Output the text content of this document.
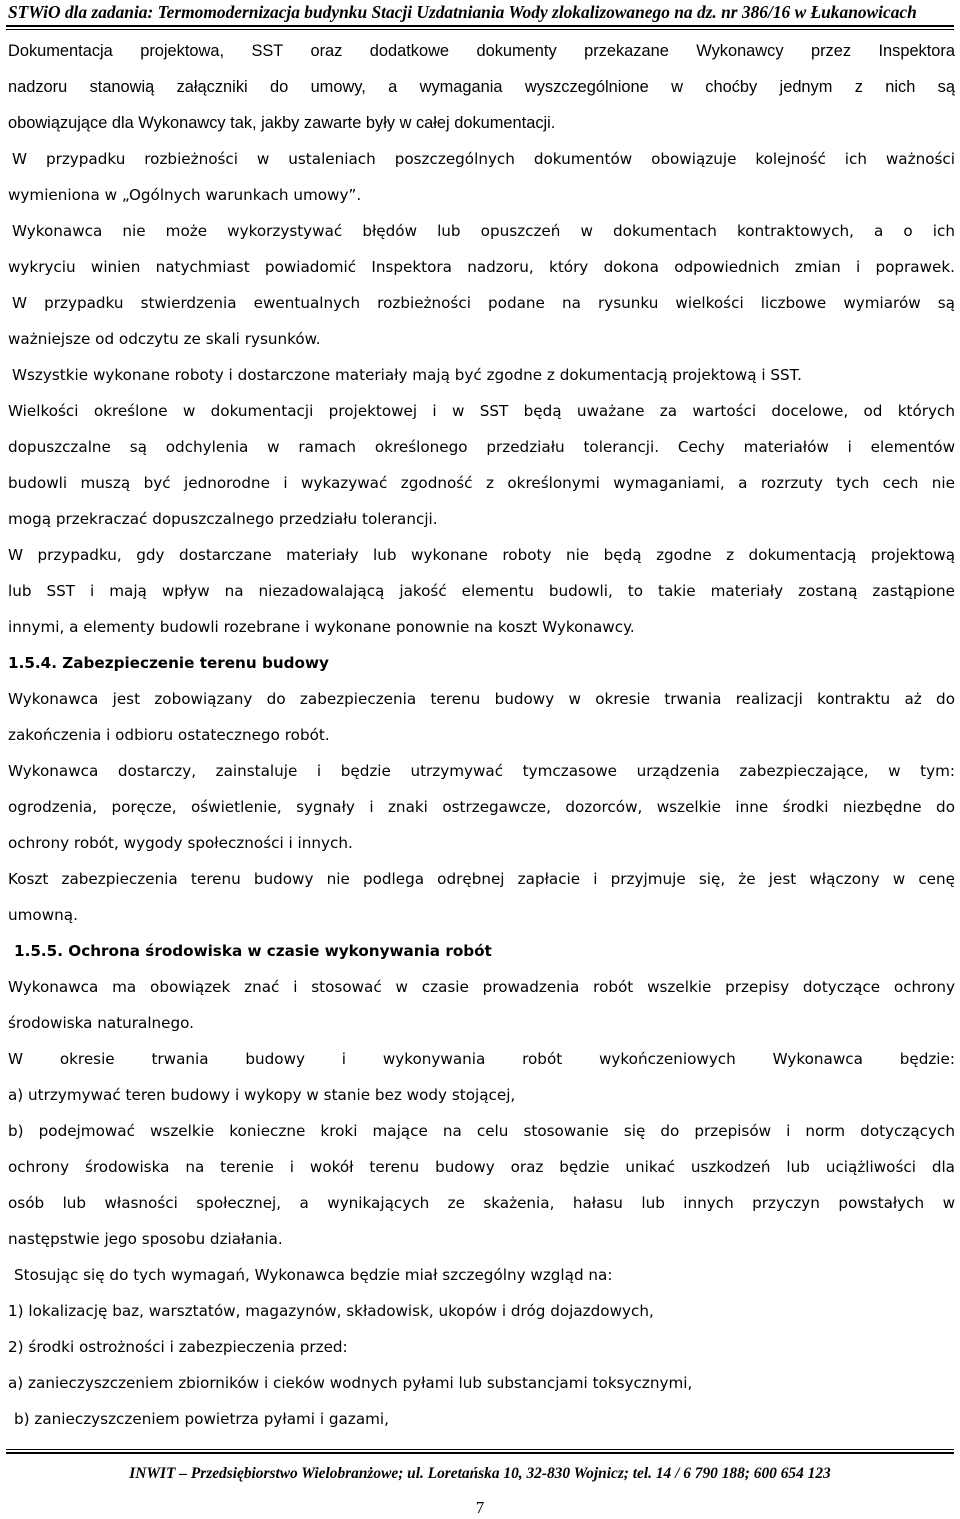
STWiO dla zadania: Termomodernizacja budynku Stacji Uzdatniania Wody zlokalizowanego na dz. nr 386/16 w Łukanowicach
Dokumentacja projektowa, SST oraz dodatkowe dokumenty przekazane Wykonawcy przez Inspektora
nadzoru stanowią załączniki do umowy, a wymagania wyszczególnione w choćby jednym z nich są
obowiązujące dla Wykonawcy tak, jakby zawarte były w całej dokumentacji.
W przypadku rozbieżności w ustaleniach poszczególnych dokumentów obowiązuje kolejność ich ważności
wymieniona w „Ogólnych warunkach umowy”.
Wykonawca nie może wykorzystywać błędów lub opuszczeń w dokumentach kontraktowych, a o ich
wykryciu winien natychmiast powiadomić Inspektora nadzoru, który dokona odpowiednich zmian i poprawek.
W przypadku stwierdzenia ewentualnych rozbieżności podane na rysunku wielkości liczbowe wymiarów są
ważniejsze od odczytu ze skali rysunków.
Wszystkie wykonane roboty i dostarczone materiały mają być zgodne z dokumentacją projektową i SST.
Wielkości określone w dokumentacji projektowej i w SST będą uważane za wartości docelowe, od których
dopuszczalne są odchylenia w ramach określonego przedziału tolerancji. Cechy materiałów i elementów
budowli muszą być jednorodne i wykazywać zgodność z określonymi wymaganiami, a rozrzuty tych cech nie
mogą przekraczać dopuszczalnego przedziału tolerancji.
W przypadku, gdy dostarczane materiały lub wykonane roboty nie będą zgodne z dokumentacją projektową
lub SST i mają wpływ na niezadowalającą jakość elementu budowli, to takie materiały zostaną zastąpione
innymi, a elementy budowli rozebrane i wykonane ponownie na koszt Wykonawcy.
1.5.4. Zabezpieczenie terenu budowy
Wykonawca jest zobowiązany do zabezpieczenia terenu budowy w okresie trwania realizacji kontraktu aż do
zakończenia i odbioru ostatecznego robót.
Wykonawca dostarczy, zainstaluje i będzie utrzymywać tymczasowe urządzenia zabezpieczające, w tym:
ogrodzenia, poręcze, oświetlenie, sygnały i znaki ostrzegawcze, dozorców, wszelkie inne środki niezbędne do
ochrony robót, wygody społeczności i innych.
Koszt zabezpieczenia terenu budowy nie podlega odrębnej zapłacie i przyjmuje się, że jest włączony w cenę
umowną.
1.5.5. Ochrona środowiska w czasie wykonywania robót
Wykonawca ma obowiązek znać i stosować w czasie prowadzenia robót wszelkie przepisy dotyczące ochrony
środowiska naturalnego.
W okresie trwania budowy i wykonywania robót wykończeniowych Wykonawca będzie:
a) utrzymywać teren budowy i wykopy w stanie bez wody stojącej,
b) podejmować wszelkie konieczne kroki mające na celu stosowanie się do przepisów i norm dotyczących
ochrony środowiska na terenie i wokół terenu budowy oraz będzie unikać uszkodzeń lub uciążliwości dla
osób lub własności społecznej, a wynikających ze skażenia, hałasu lub innych przyczyn powstałych w
następstwie jego sposobu działania.
Stosując się do tych wymagań, Wykonawca będzie miał szczególny wzgląd na:
1) lokalizację baz, warsztatów, magazynów, składowisk, ukopów i dróg dojazdowych,
2) środki ostrożności i zabezpieczenia przed:
a) zanieczyszczeniem zbiorników i cieków wodnych pyłami lub substancjami toksycznymi,
b) zanieczyszczeniem powietrza pyłami i gazami,
INWIT – Przedsiębiorstwo Wielobranżowe; ul. Loretańska 10, 32-830 Wojnicz; tel. 14 / 6 790 188; 600 654 123
7
